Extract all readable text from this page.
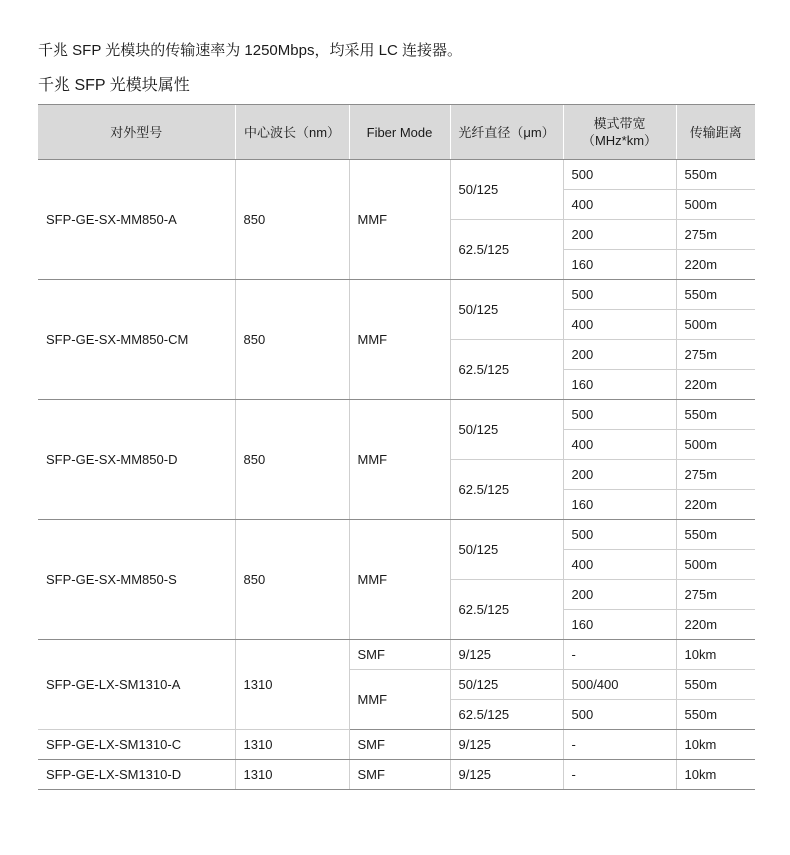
千兆 SFP 光模块的传输速率为 1250Mbps，均采用 LC 连接器。
千兆 SFP 光模块属性
对外型号	中心波长（nm）	Fiber Mode	光纤直径（μm）	模式带宽（MHz*km）	传输距离
SFP-GE-SX-MM850-A	850	MMF	50/125	500	550m
				400	500m
			62.5/125	200	275m
				160	220m
SFP-GE-SX-MM850-CM	850	MMF	50/125	500	550m
				400	500m
			62.5/125	200	275m
				160	220m
SFP-GE-SX-MM850-D	850	MMF	50/125	500	550m
				400	500m
			62.5/125	200	275m
				160	220m
SFP-GE-SX-MM850-S	850	MMF	50/125	500	550m
				400	500m
			62.5/125	200	275m
				160	220m
SFP-GE-LX-SM1310-A	1310	SMF	9/125	-	10km
		MMF	50/125	500/400	550m
			62.5/125	500	550m
SFP-GE-LX-SM1310-C	1310	SMF	9/125	-	10km
SFP-GE-LX-SM1310-D	1310	SMF	9/125	-	10km
